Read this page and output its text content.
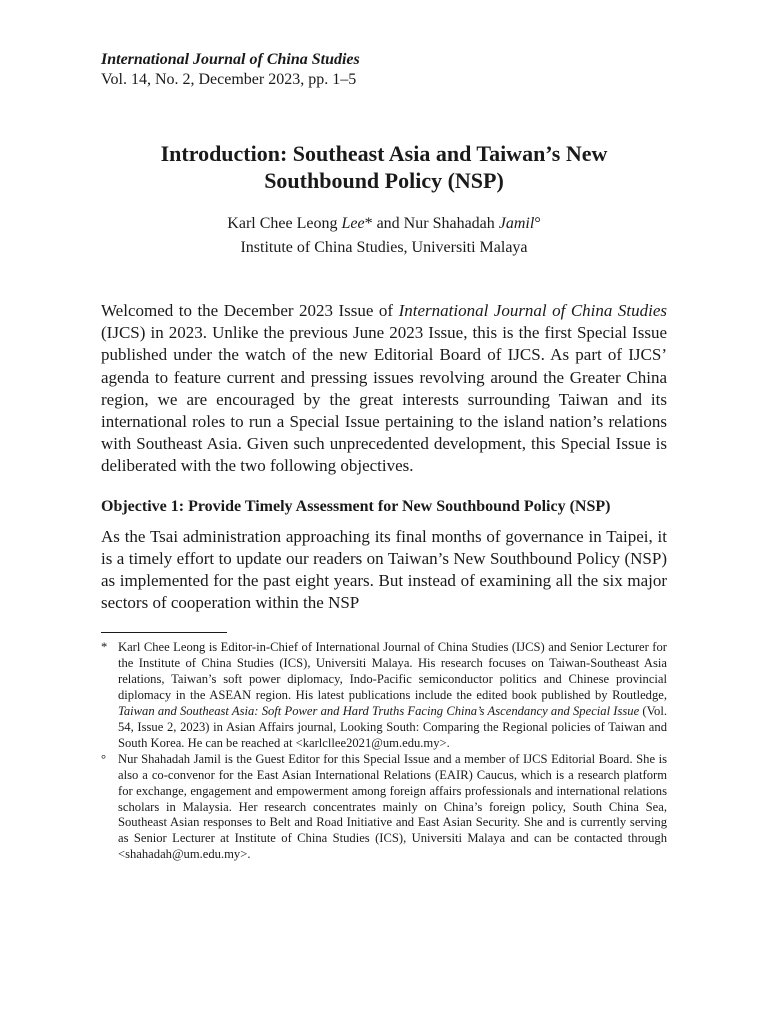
International Journal of China Studies
Vol. 14, No. 2, December 2023, pp. 1–5
Introduction: Southeast Asia and Taiwan’s New
Southbound Policy (NSP)
Karl Chee Leong Lee* and Nur Shahadah Jamil°
Institute of China Studies, Universiti Malaya

Welcomed to the December 2023 Issue of International Journal of China Studies (IJCS) in 2023. Unlike the previous June 2023 Issue, this is the first Special Issue published under the watch of the new Editorial Board of IJCS. As part of IJCS’ agenda to feature current and pressing issues revolving around the Greater China region, we are encouraged by the great interests surrounding Taiwan and its international roles to run a Special Issue pertaining to the island nation’s relations with Southeast Asia. Given such unprecedented development, this Special Issue is deliberated with the two following objectives.

Objective 1: Provide Timely Assessment for New Southbound Policy (NSP)

As the Tsai administration approaching its final months of governance in Taipei, it is a timely effort to update our readers on Taiwan’s New Southbound Policy (NSP) as implemented for the past eight years. But instead of examining all the six major sectors of cooperation within the NSP

* Karl Chee Leong is Editor-in-Chief of International Journal of China Studies (IJCS) and Senior Lecturer for the Institute of China Studies (ICS), Universiti Malaya. His research focuses on Taiwan-Southeast Asia relations, Taiwan’s soft power diplomacy, Indo-Pacific semiconductor politics and Chinese provincial diplomacy in the ASEAN region. His latest publications include the edited book published by Routledge, Taiwan and Southeast Asia: Soft Power and Hard Truths Facing China’s Ascendancy and Special Issue (Vol. 54, Issue 2, 2023) in Asian Affairs journal, Looking South: Comparing the Regional policies of Taiwan and South Korea. He can be reached at <karlcllee2021@um.edu.my>.
° Nur Shahadah Jamil is the Guest Editor for this Special Issue and a member of IJCS Editorial Board. She is also a co-convenor for the East Asian International Relations (EAIR) Caucus, which is a research platform for exchange, engagement and empowerment among foreign affairs professionals and international relations scholars in Malaysia. Her research concentrates mainly on China’s foreign policy, South China Sea, Southeast Asian responses to Belt and Road Initiative and East Asian Security. She and is currently serving as Senior Lecturer at Institute of China Studies (ICS), Universiti Malaya and can be contacted through <shahadah@um.edu.my>.
